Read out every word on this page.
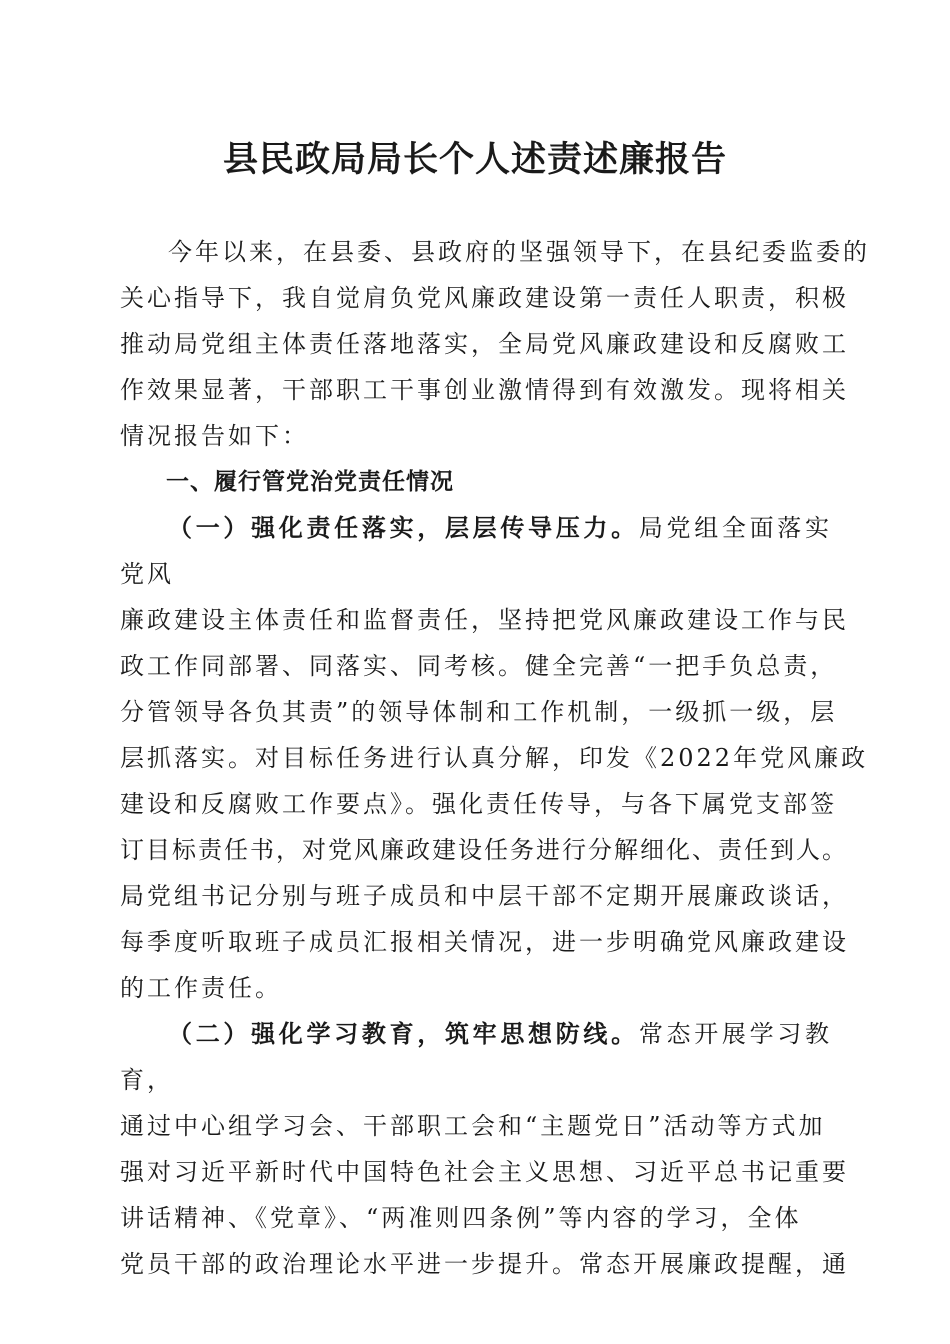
县民政局局长个人述责述廉报告

今年以来，在县委、县政府的坚强领导下，在县纪委监委的

关心指导下，我自觉肩负党风廉政建设第一责任人职责，积极
推动局党组主体责任落地落实，全局党风廉政建设和反腐败工
作效果显著，干部职工干事创业激情得到有效激发。现将相关
情况报告如下：
一、履行管党治党责任情况

（一）强化责任落实，层层传导压力。局党组全面落实党风

廉政建设主体责任和监督责任，坚持把党风廉政建设工作与民
政工作同部署、同落实、同考核。健全完善“一把手负总责，
分管领导各负其责”的领导体制和工作机制，一级抓一级，层
层抓落实。对目标任务进行认真分解，印发《2022年党风廉政
建设和反腐败工作要点》。强化责任传导，与各下属党支部签
订目标责任书，对党风廉政建设任务进行分解细化、责任到人。
局党组书记分别与班子成员和中层干部不定期开展廉政谈话，
每季度听取班子成员汇报相关情况，进一步明确党风廉政建设
的工作责任。

（二）强化学习教育，筑牢思想防线。常态开展学习教育，

通过中心组学习会、干部职工会和“主题党日”活动等方式加
强对习近平新时代中国特色社会主义思想、习近平总书记重要
讲话精神、《党章》、“两准则四条例”等内容的学习，全体
党员干部的政治理论水平进一步提升。常态开展廉政提醒，通
